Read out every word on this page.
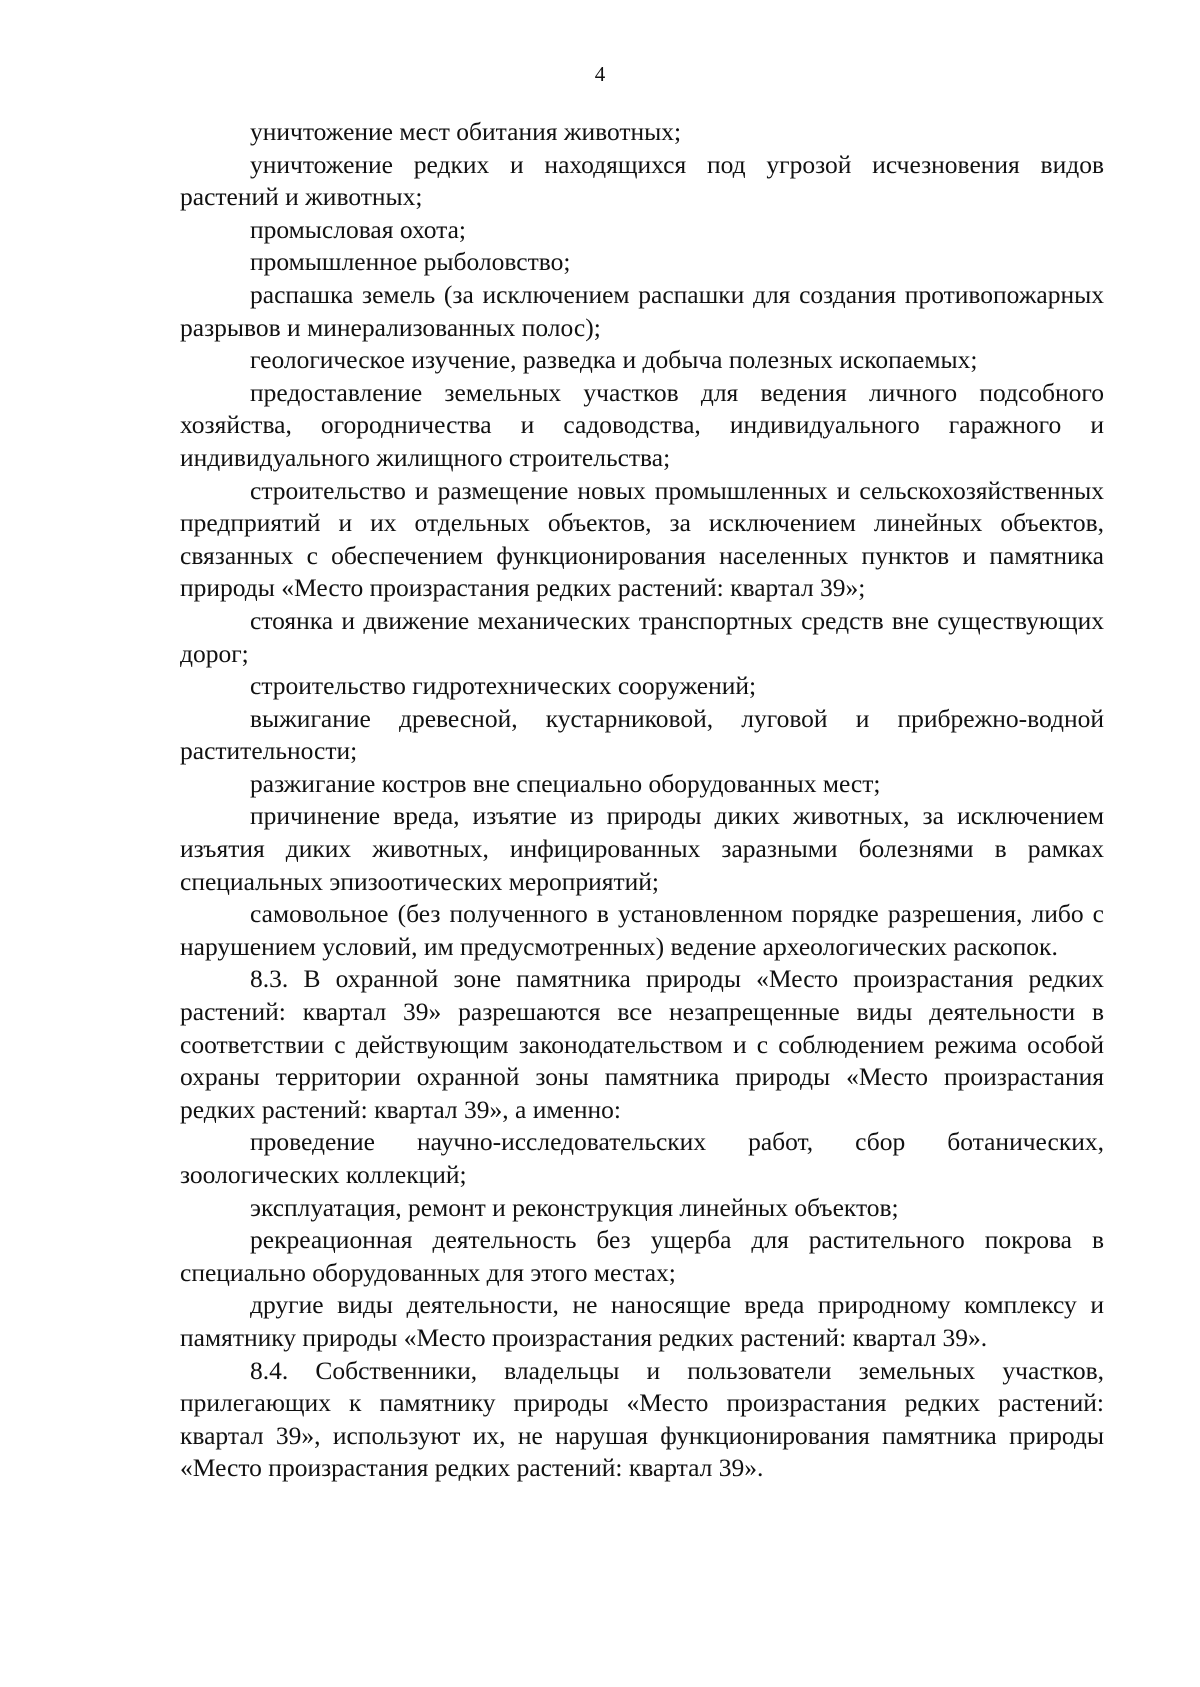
4

уничтожение мест обитания животных;

уничтожение редких и находящихся под угрозой исчезновения видов растений и животных;

промысловая охота;

промышленное рыболовство;

распашка земель (за исключением распашки для создания противопожарных разрывов и минерализованных полос);

геологическое изучение, разведка и добыча полезных ископаемых;

предоставление земельных участков для ведения личного подсобного хозяйства, огородничества и садоводства, индивидуального гаражного и индивидуального жилищного строительства;

строительство и размещение новых промышленных и сельскохозяйственных предприятий и их отдельных объектов, за исключением линейных объектов, связанных с обеспечением функционирования населенных пунктов и памятника природы «Место произрастания редких растений: квартал 39»;

стоянка и движение механических транспортных средств вне существующих дорог;

строительство гидротехнических сооружений;

выжигание древесной, кустарниковой, луговой и прибрежно-водной растительности;

разжигание костров вне специально оборудованных мест;

причинение вреда, изъятие из природы диких животных, за исключением изъятия диких животных, инфицированных заразными болезнями в рамках специальных эпизоотических мероприятий;

самовольное (без полученного в установленном порядке разрешения, либо с нарушением условий, им предусмотренных) ведение археологических раскопок.

8.3. В охранной зоне памятника природы «Место произрастания редких растений: квартал 39» разрешаются все незапрещенные виды деятельности в соответствии с действующим законодательством и с соблюдением режима особой охраны территории охранной зоны памятника природы «Место произрастания редких растений: квартал 39», а именно:

проведение научно-исследовательских работ, сбор ботанических, зоологических коллекций;

эксплуатация, ремонт и реконструкция линейных объектов;

рекреационная деятельность без ущерба для растительного покрова в специально оборудованных для этого местах;

другие виды деятельности, не наносящие вреда природному комплексу и памятнику природы «Место произрастания редких растений: квартал 39».

8.4. Собственники, владельцы и пользователи земельных участков, прилегающих к памятнику природы «Место произрастания редких растений: квартал 39», используют их, не нарушая функционирования памятника природы «Место произрастания редких растений: квартал 39».
